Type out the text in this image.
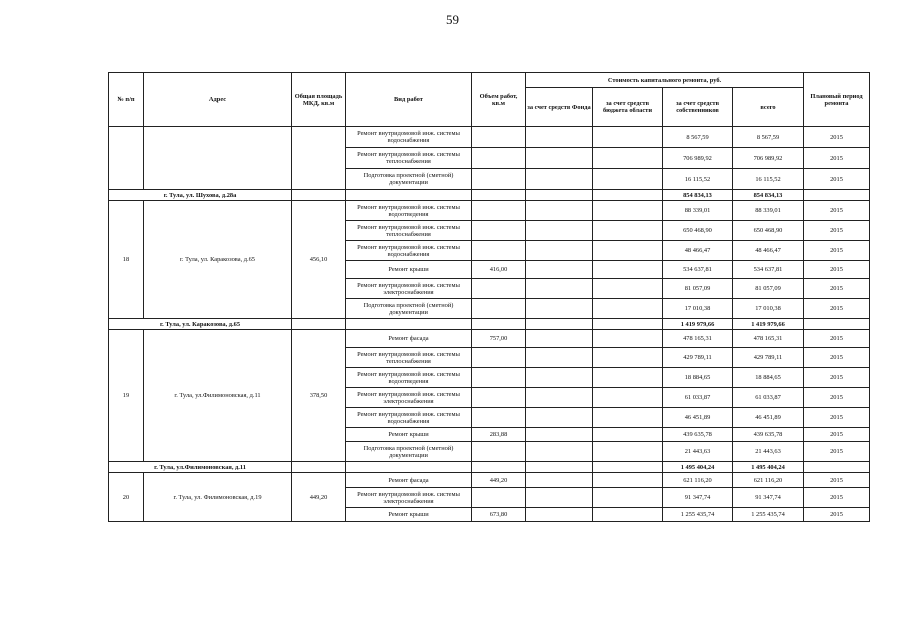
59
№ п/п	Адрес	Общая площадь МКД, кв.м	Вид работ	Объем работ, кв.м	Стоимость капитального ремонта, руб.				Плановый период ремонта
					за счет средств Фонда	за счет средств бюджета области	за счет средств собственников	всего	
			Ремонт внутридомовой инж. системы водоснабжения				8 567,59	8 567,59	2015
			Ремонт внутридомовой инж. системы теплоснабжения				706 989,92	706 989,92	2015
			Подготовка проектной (сметной) документации				16 115,52	16 115,52	2015
г. Тула, ул. Шухова, д.28а							854 834,13	854 834,13	
18	г. Тула, ул. Каракозова, д.65	456,10	Ремонт внутридомовой инж. системы водоотведения				88 339,01	88 339,01	2015
			Ремонт внутридомовой инж. системы теплоснабжения				650 468,90	650 468,90	2015
			Ремонт внутридомовой инж. системы водоснабжения				48 466,47	48 466,47	2015
			Ремонт крыши	416,00			534 637,81	534 637,81	2015
			Ремонт внутридомовой инж. системы электроснабжения				81 057,09	81 057,09	2015
			Подготовка проектной (сметной) документации				17 010,38	17 010,38	2015
г. Тула, ул. Каракозова, д.65							1 419 979,66	1 419 979,66	
19	г. Тула, ул.Филимоновская, д.11	378,50	Ремонт фасада	757,00			478 165,31	478 165,31	2015
			Ремонт внутридомовой инж. системы теплоснабжения				429 789,11	429 789,11	2015
			Ремонт внутридомовой инж. системы водоотведения				18 884,65	18 884,65	2015
			Ремонт внутридомовой инж. системы электроснабжения				61 033,87	61 033,87	2015
			Ремонт внутридомовой инж. системы водоснабжения				46 451,89	46 451,89	2015
			Ремонт крыши	283,88			439 635,78	439 635,78	2015
			Подготовка проектной (сметной) документации				21 443,63	21 443,63	2015
г. Тула, ул.Филимоновская, д.11							1 495 404,24	1 495 404,24	
20	г. Тула, ул. Филимоновская, д.19	449,20	Ремонт фасада	449,20			621 116,20	621 116,20	2015
			Ремонт внутридомовой инж. системы электроснабжения				91 347,74	91 347,74	2015
			Ремонт крыши	673,80			1 255 435,74	1 255 435,74	2015
